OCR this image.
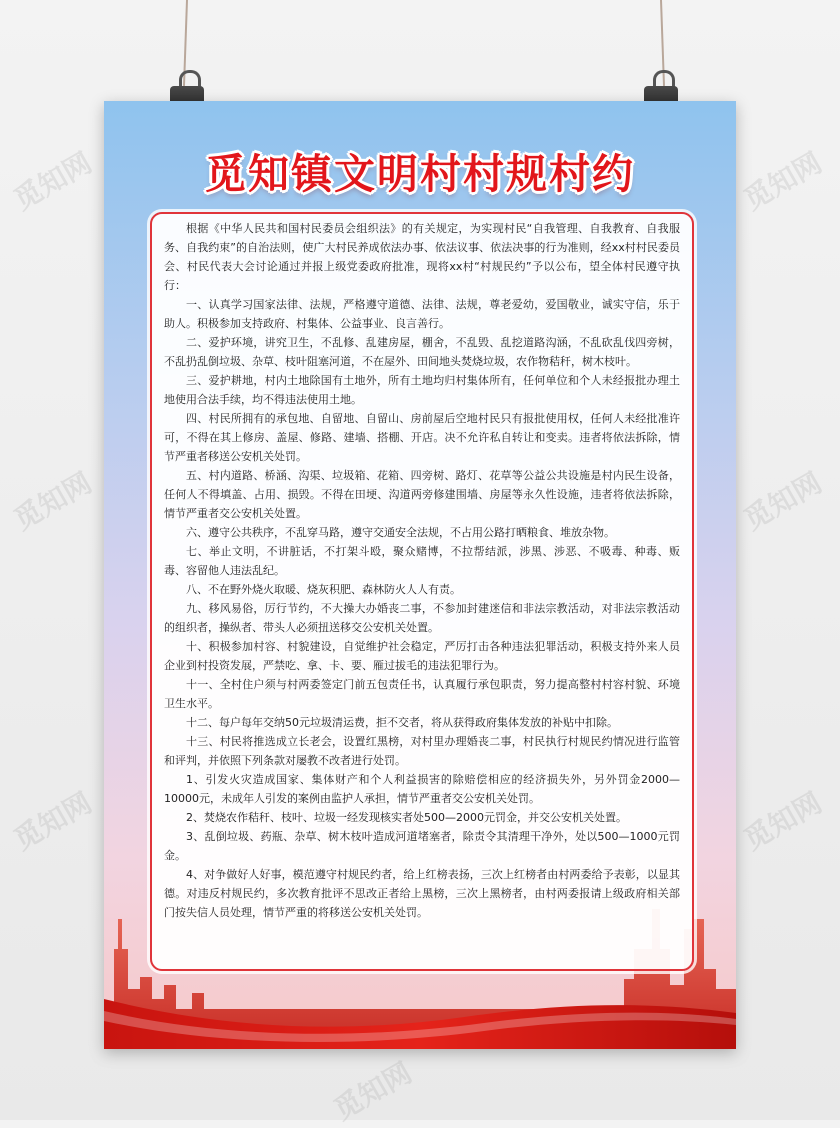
觅知镇文明村村规村约

根据《中华人民共和国村民委员会组织法》的有关规定，为实现村民“自我管理、自我教育、自我服务、自我约束”的自治法则，使广大村民养成依法办事、依法议事、依法决事的行为准则，经xx村村民委员会、村民代表大会讨论通过并报上级党委政府批准，现将xx村“村规民约”予以公布，望全体村民遵守执行：

一、认真学习国家法律、法规，严格遵守道德、法律、法规，尊老爱幼，爱国敬业，诚实守信，乐于助人。积极参加支持政府、村集体、公益事业、良言善行。

二、爱护环境，讲究卫生，不乱修、乱建房屋，棚舍，不乱毁、乱挖道路沟涵，不乱砍乱伐四旁树，不乱扔乱倒垃圾、杂草、枝叶阻塞河道，不在屋外、田间地头焚烧垃圾，农作物秸秆，树木枝叶。

三、爱护耕地，村内土地除国有土地外，所有土地均归村集体所有，任何单位和个人未经报批办理土地使用合法手续，均不得违法使用土地。

四、村民所拥有的承包地、自留地、自留山、房前屋后空地村民只有报批使用权，任何人未经批准许可，不得在其上修房、盖屋、修路、建墙、搭棚、开店。决不允许私自转让和变卖。违者将依法拆除，情节严重者移送公安机关处罚。

五、村内道路、桥涵、沟渠、垃圾箱、花箱、四旁树、路灯、花草等公益公共设施是村内民生设备，任何人不得填盖、占用、损毁。不得在田埂、沟道两旁修建围墙、房屋等永久性设施，违者将依法拆除，情节严重者交公安机关处置。

六、遵守公共秩序，不乱穿马路，遵守交通安全法规，不占用公路打晒粮食、堆放杂物。

七、举止文明，不讲脏话，不打架斗殴，聚众赌博，不拉帮结派，涉黑、涉恶、不吸毒、种毒、贩毒、容留他人违法乱纪。

八、不在野外烧火取暖、烧灰积肥、森林防火人人有责。

九、移风易俗，厉行节约，不大操大办婚丧二事，不参加封建迷信和非法宗教活动，对非法宗教活动的组织者，操纵者、带头人必须扭送移交公安机关处置。

十、积极参加村容、村貌建设，自觉维护社会稳定，严厉打击各种违法犯罪活动，积极支持外来人员企业到村投资发展，严禁吃、拿、卡、要、雁过拔毛的违法犯罪行为。

十一、全村住户须与村两委签定门前五包责任书，认真履行承包职责，努力提高整村村容村貌、环境卫生水平。

十二、每户每年交纳50元垃圾清运费，拒不交者，将从获得政府集体发放的补贴中扣除。

十三、村民将推选成立长老会，设置红黑榜，对村里办理婚丧二事，村民执行村规民约情况进行监管和评判，并依照下列条款对屡教不改者进行处罚。

1、引发火灾造成国家、集体财产和个人利益损害的除赔偿相应的经济损失外，另外罚金2000—10000元，未成年人引发的案例由监护人承担，情节严重者交公安机关处罚。

2、焚烧农作秸秆、枝叶、垃圾一经发现核实者处500—2000元罚金，并交公安机关处置。

3、乱倒垃圾、药瓶、杂草、树木枝叶造成河道堵塞者，除责令其清理干净外，处以500—1000元罚金。

4、对争做好人好事，模范遵守村规民约者，给上红榜表扬，三次上红榜者由村两委给予表彰，以显其德。对违反村规民约，多次教育批评不思改正者给上黑榜，三次上黑榜者，由村两委报请上级政府相关部门按失信人员处理，情节严重的将移送公安机关处罚。

觅知网	觅知网
觅知网	觅知网
觅知网	觅知网
觅知网
